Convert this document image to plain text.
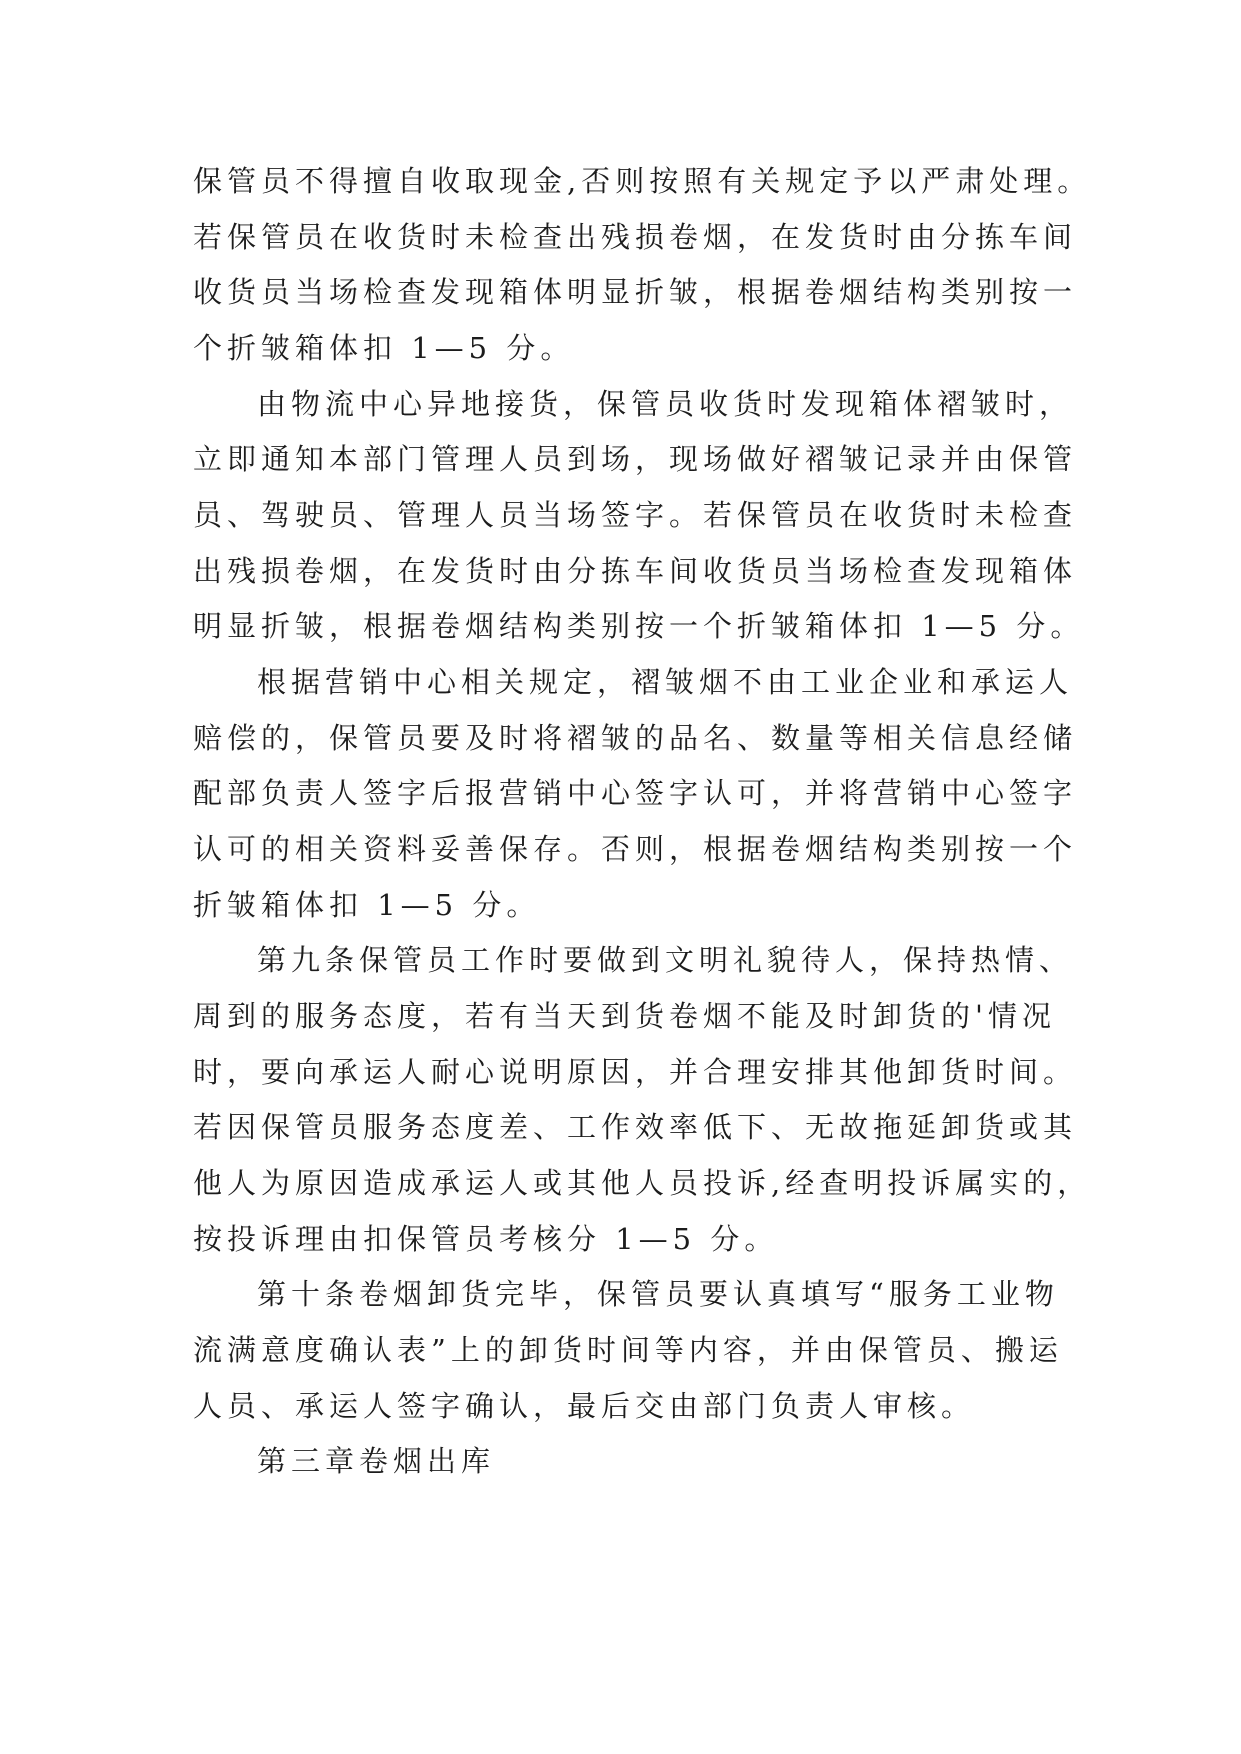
保管员不得擅自收取现金,否则按照有关规定予以严肃处理。

若保管员在收货时未检查出残损卷烟，在发货时由分拣车间

收货员当场检查发现箱体明显折皱，根据卷烟结构类别按一

个折皱箱体扣 1—5 分。

由物流中心异地接货，保管员收货时发现箱体褶皱时，

立即通知本部门管理人员到场，现场做好褶皱记录并由保管

员、驾驶员、管理人员当场签字。若保管员在收货时未检查

出残损卷烟，在发货时由分拣车间收货员当场检查发现箱体

明显折皱，根据卷烟结构类别按一个折皱箱体扣 1—5 分。

根据营销中心相关规定，褶皱烟不由工业企业和承运人

赔偿的，保管员要及时将褶皱的品名、数量等相关信息经储

配部负责人签字后报营销中心签字认可，并将营销中心签字

认可的相关资料妥善保存。否则，根据卷烟结构类别按一个

折皱箱体扣 1—5 分。

第九条保管员工作时要做到文明礼貌待人，保持热情、

周到的服务态度，若有当天到货卷烟不能及时卸货的'情况

时，要向承运人耐心说明原因，并合理安排其他卸货时间。

若因保管员服务态度差、工作效率低下、无故拖延卸货或其

他人为原因造成承运人或其他人员投诉,经查明投诉属实的，

按投诉理由扣保管员考核分 1—5 分。

第十条卷烟卸货完毕，保管员要认真填写“服务工业物

流满意度确认表”上的卸货时间等内容，并由保管员、搬运

人员、承运人签字确认，最后交由部门负责人审核。

第三章卷烟出库
